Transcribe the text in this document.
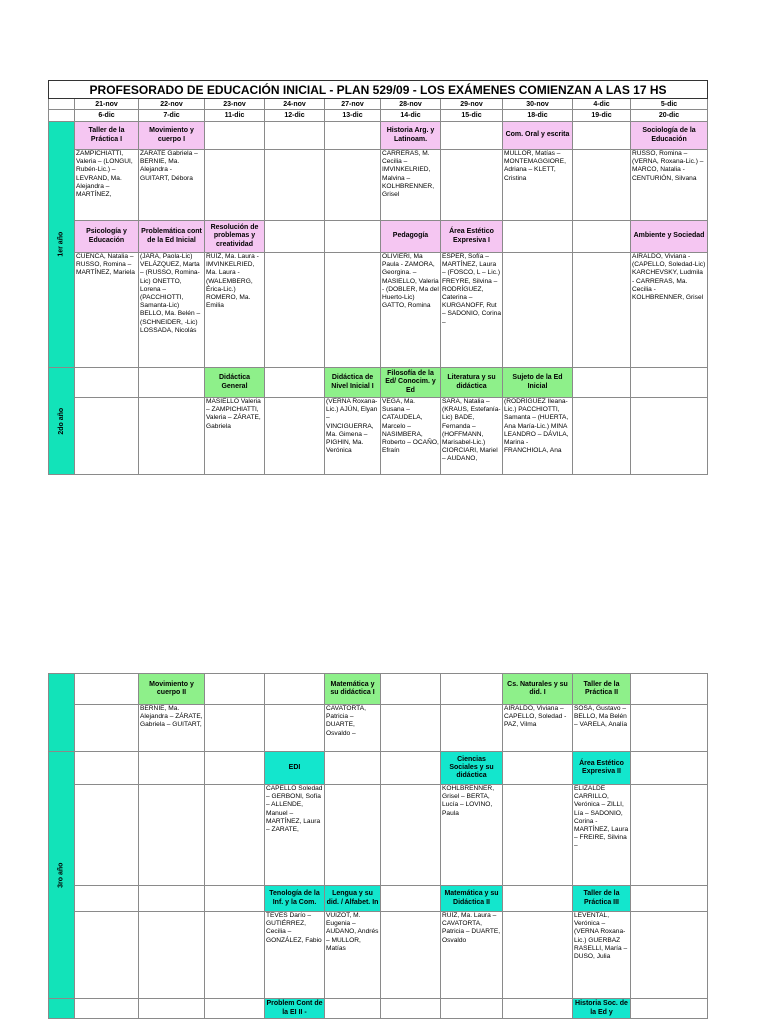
PROFESORADO DE EDUCACIÓN INICIAL - PLAN 529/09 - LOS EXÁMENES COMIENZAN A LAS 17 HS										
	21-nov	22-nov	23-nov	24-nov	27-nov	28-nov	29-nov	30-nov	4-dic	5-dic
	6-dic	7-dic	11-dic	12-dic	13-dic	14-dic	15-dic	18-dic	19-dic	20-dic
1er año	Taller de la Práctica I	Movimiento y cuerpo I				Historia Arg. y Latinoam.		Com. Oral y escrita		Sociología de la Educación
	ZAMPICHIATTI, Valeria – (LONGUI, Rubén-Lic.) – LEVRAND, Ma. Alejandra – MARTÍNEZ,	ZARATE Gabriela – BERNIE, Ma. Alejandra - GUITART, Débora				CARRERAS, M. Cecilia – IMVINKELRIED, Malvina – KOLHBRENNER, Grisel		MULLOR, Matías – MONTEMAGGIORE, Adriana – KLETT, Cristina		RUSSO, Romina – (VERNA, Roxana-Lic.) – MARCO, Natalia - CENTURIÓN, Silvana
	Psicología y Educación	Problemática cont de la Ed Inicial	Resolución de problemas y creatividad			Pedagogía	Área Estético Expresiva I			Ambiente y Sociedad
	CUENCA, Natalia – RUSSO, Romina – MARTÍNEZ, Mariela	(JARA, Paola-Lic) VELÁZQUEZ, Marta – (RUSSO, Romina-Lic) ONETTO, Lorena – (PACCHIOTTI, Samanta-Lic) BELLO, Ma. Belén – (SCHNEIDER, -Lic) LOSSADA, Nicolás	RUÍZ, Ma. Laura - IMVINKELRIED, Ma. Laura - (WALEMBERG, Érica-Lic.) ROMERO, Ma. Emilia			OLIVIERI, Ma Paula - ZAMORA, Georgina. – MASIELLO, Valeria - (DOBLER, Ma del Huerto-Lic) GATTO, Romina	ESPER, Sofía – MARTÍNEZ, Laura – (FOSCO, L – Lic.) FREYRE, Silvina – RODRÍGUEZ, Caterina – KURGANOFF, Rut – SADONIO, Corina –			AIRALDO, Viviana - (CAPELLO, Soledad-Lic) KARCHEVSKY, Ludmila - CARRERAS, Ma. Cecilia - KOLHBRENNER, Grisel
2do año			Didáctica General		Didáctica de Nivel Inicial I	Filosofía de la Ed/ Conocim. y Ed	Literatura y su didáctica	Sujeto de la Ed Inicial		
			MASIELLO Valeria – ZAMPICHIATTI, Valeria – ZÁRATE, Gabriela		(VERNA Roxana-Lic.) AJÚN, Elyan – VINCIGUERRA, Ma. Gimena – PIGHIN, Ma. Verónica	VEGA, Ma. Susana – CATAUDELA, Marcelo – NASIMBERA, Roberto – OCAÑO, Efraín	SARA, Natalia – (KRAUS, Estefanía-Lic) BADE, Fernanda – (HOFFMANN, Marisabel-Lic.) CIORCIARI, Mariel – AUDANO,	(RODRÍGUEZ Ileana-Lic.) PACCHIOTTI, Samanta – (HUERTA, Ana María-Lic.) MINA LEANDRO – DÁVILA, Marina - FRANCHIOLA, Ana		
		Movimiento y cuerpo II			Matemática y su didáctica I			Cs. Naturales y su did. I	Taller de la Práctica II	
		BERNIE, Ma. Alejandra – ZÁRATE, Gabriela – GUITART,			CAVATORTA, Patricia – DUARTE, Osvaldo –			AIRALDO, Viviana – CAPELLO, Soledad - PAZ, Vilma	SOSA, Gustavo – BELLO, Ma Belén – VARELA, Analía	
3ro año				EDI			Ciencias Sociales y su didáctica		Área Estético Expresiva II	
				CAPELLO Soledad – GERBONI, Sofía – ALLENDE, Manuel – MARTÍNEZ, Laura – ZARATE,			KOHLBRENNER, Grisel – BERTA, Lucía – LOVINO, Paula		ELIZALDE CARRILLO, Verónica – ZILLI, Lía – SADONIO, Corina - MARTÍNEZ, Laura – FREIRE, Silvina –	
				Tenología de la Inf. y la Com.	Lengua y su did. / Alfabet. In		Matemática y su Didáctica II		Taller de la Práctica III	
				TEVES Darío – GUTIÉRREZ, Cecilia – GONZÁLEZ, Fabio	VUIZOT, M. Eugenia – AUDANO, Andrés – MULLOR, Matías		RUÍZ, Ma. Laura – CAVATORTA, Patricia – DUARTE, Osvaldo		LEVENTAL, Verónica – (VERNA Roxana-Lic.) GUERBAZ RASELLI, María – DUSO, Julia	
				Problem Cont de la EI II -					Historia Soc. de la Ed y	
